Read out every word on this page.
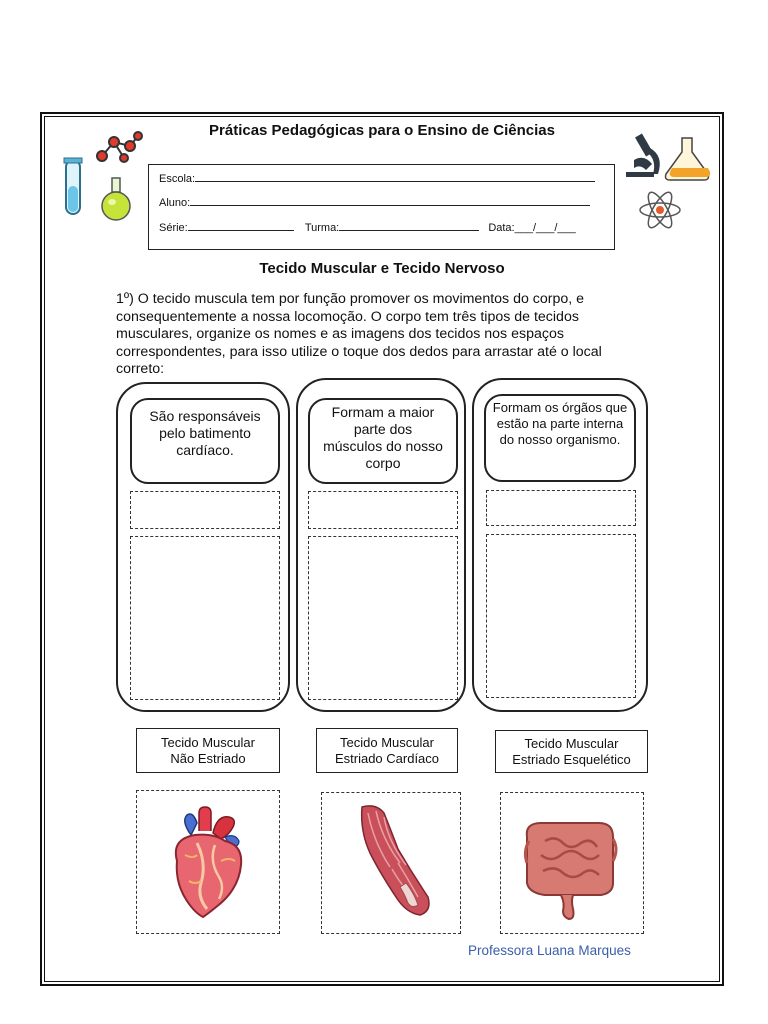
Práticas Pedagógicas para o Ensino de Ciências
Escola:
Aluno:
Série:	Turma:	Data:___/___/___
Tecido Muscular e Tecido Nervoso
1º) O tecido muscula tem por função promover os movimentos do corpo, e consequentemente a nossa locomoção. O corpo tem três tipos de tecidos musculares, organize os nomes e as imagens dos tecidos nos espaços correspondentes, para isso utilize o toque dos dedos para arrastar até o local correto:
São responsáveis pelo batimento cardíaco.
Formam a maior parte dos músculos do nosso corpo
Formam os órgãos que estão na parte interna do nosso organismo.
Tecido Muscular
Não Estriado
Tecido Muscular
Estriado Cardíaco
Tecido Muscular
Estriado Esquelético
Professora Luana Marques
